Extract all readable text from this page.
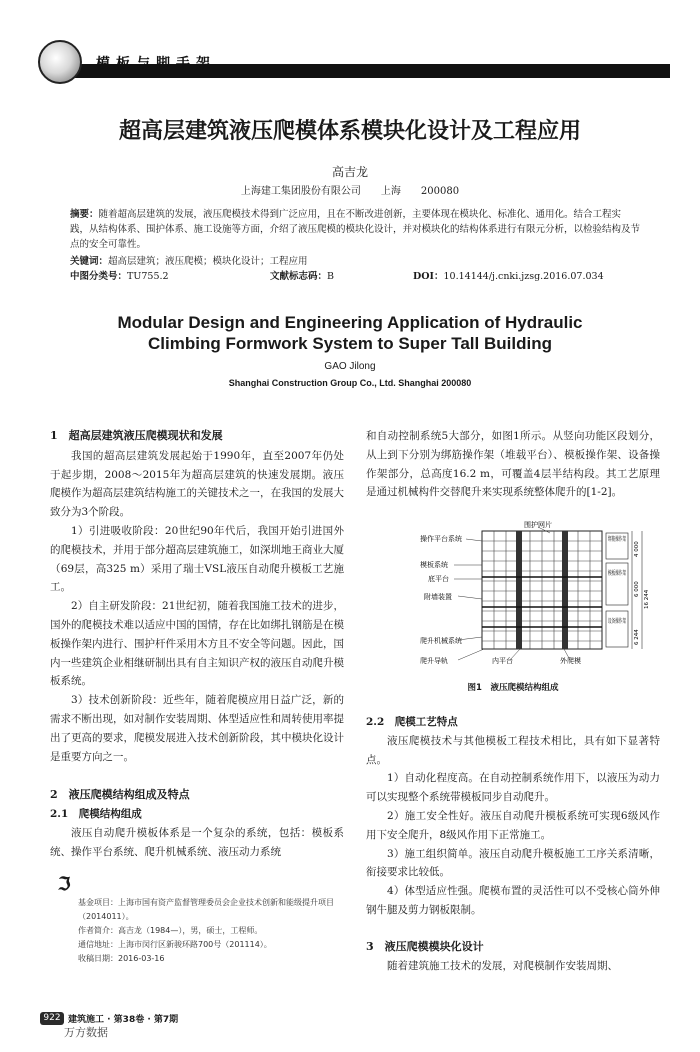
模板与脚手架
超高层建筑液压爬模体系模块化设计及工程应用
高吉龙
上海建工集团股份有限公司　　上海　　200080
摘要：随着超高层建筑的发展，液压爬模技术得到广泛应用，且在不断改进创新，主要体现在模块化、标准化、通用化。结合工程实践，从结构体系、围护体系、施工设施等方面，介绍了液压爬模的模块化设计，并对模块化的结构体系进行有限元分析，以检验结构及节点的安全可靠性。
关键词：超高层建筑；液压爬模；模块化设计；工程应用
中图分类号：TU755.2	文献标志码：B	DOI：10.14144/j.cnki.jzsg.2016.07.034
Modular Design and Engineering Application of Hydraulic Climbing Formwork System to Super Tall Building
GAO Jilong
Shanghai Construction Group Co., Ltd. Shanghai 200080
1　超高层建筑液压爬模现状和发展

我国的超高层建筑发展起始于1990年，直至2007年仍处于起步期，2008～2015年为超高层建筑的快速发展期。液压爬模作为超高层建筑结构施工的关键技术之一，在我国的发展大致分为3个阶段。

1）引进吸收阶段：20世纪90年代后，我国开始引进国外的爬模技术，并用于部分超高层建筑施工，如深圳地王商业大厦（69层，高325 m）采用了瑞士VSL液压自动爬升模板工艺施工。

2）自主研发阶段：21世纪初，随着我国施工技术的进步，国外的爬模技术难以适应中国的国情，存在比如绑扎钢筋是在模板操作架内进行、围护杆件采用木方且不安全等问题。因此，国内一些建筑企业相继研制出具有自主知识产权的液压自动爬升模板系统。

3）技术创新阶段：近些年，随着爬模应用日益广泛，新的需求不断出现，如对制作安装周期、体型适应性和周转使用率提出了更高的要求，爬模发展进入技术创新阶段，其中模块化设计是重要方向之一。

2　液压爬模结构组成及特点
2.1　爬模结构组成

液压自动爬升模板体系是一个复杂的系统，包括：模板系统、操作平台系统、爬升机械系统、液压动力系统

和自动控制系统5大部分，如图1所示。从竖向功能区段划分，从上到下分别为绑筋操作架（堆载平台）、模板操作架、设备操作架部分，总高度16.2 m，可覆盖4层半结构段。其工艺原理是通过机械构件交替爬升来实现系统整体爬升的[1-2]。

围护网片
操作平台系统
模板系统
底平台
附墙装置
爬升机械系统
爬升导轨	内平台	外爬模
绑筋操作架
模板操作架
设备操作架
4 000
6 000
16 244
6 244
图1　液压爬模结构组成
2.2　爬模工艺特点

液压爬模技术与其他模板工程技术相比，具有如下显著特点。

1）自动化程度高。在自动控制系统作用下，以液压为动力可以实现整个系统带模板同步自动爬升。

2）施工安全性好。液压自动爬升模板系统可实现6级风作用下安全爬升，8级风作用下正常施工。

3）施工组织简单。液压自动爬升模板施工工序关系清晰，衔接要求比较低。

4）体型适应性强。爬模布置的灵活性可以不受核心筒外伸钢牛腿及剪力钢板限制。

3　液压爬模模块化设计

随着建筑施工技术的发展，对爬模制作安装周期、

ℑ
基金项目：上海市国有资产监督管理委员会企业技术创新和能级提升项目（2014011）。
作者简介：高吉龙（1984—），男，硕士，工程师。
通信地址：上海市闵行区新骏环路700号（201114）。
收稿日期：2016-03-16
922 建筑施工 · 第38卷 · 第7期
万方数据
